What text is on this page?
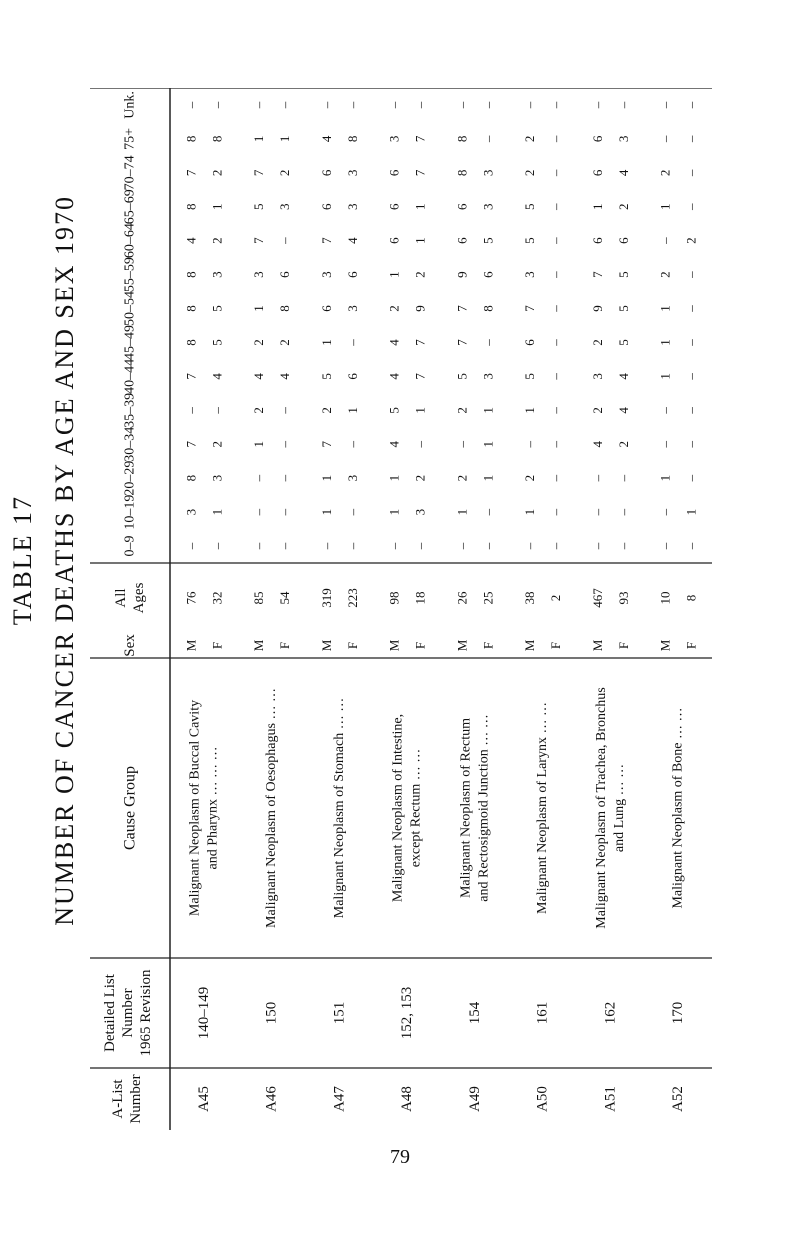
TABLE 17 NUMBER OF CANCER DEATHS BY AGE AND SEX 1970
A-List Number
Detailed List Number 1965 Revision
Cause Group
Sex
All Ages
0–9
10–19
20–29
30–34
35–39
40–44
45–49
50–54
55–59
60–64
65–69
70–74
75+
Unk.
A45
140–149
Malignant Neoplasm of Buccal Cavity and Pharynx … … …
M
76
–
3
8
7
–
7
8
8
8
4
8
7
8
–
F
32
–
1
3
2
–
4
5
5
3
2
1
2
8
–
A46
150
Malignant Neoplasm of Oesophagus … …
M
85
–
–
–
1
2
4
2
1
3
7
5
7
1
–
F
54
–
–
–
–
–
4
2
8
6
–
3
2
1
–
A47
151
Malignant Neoplasm of Stomach … …
M
319
–
1
1
7
2
5
1
6
3
7
6
6
4
–
F
223
–
–
3
–
1
6
–
3
6
4
3
3
8
–
A48
152, 153
Malignant Neoplasm of Intestine, except Rectum … …
M
98
–
1
1
4
5
4
4
2
1
6
6
6
3
–
F
18
–
3
2
–
1
7
7
9
2
1
1
7
7
–
A49
154
Malignant Neoplasm of Rectum and Rectosigmoid Junction … …
M
26
–
1
2
–
2
5
7
7
9
6
6
8
8
–
F
25
–
–
1
1
1
3
–
8
6
5
3
3
–
–
A50
161
Malignant Neoplasm of Larynx … …
M
38
–
1
2
–
1
5
6
7
3
5
5
2
2
–
F
2
–
–
–
–
–
–
–
–
–
–
–
–
–
–
A51
162
Malignant Neoplasm of Trachea, Bronchus and Lung … …
M
467
–
–
–
4
2
3
2
9
7
6
1
6
6
–
F
93
–
–
–
2
4
4
5
5
5
6
2
4
3
–
A52
170
Malignant Neoplasm of Bone … …
M
10
–
–
1
–
–
1
1
1
2
–
1
2
–
–
F
8
–
1
–
–
–
–
–
–
–
2
–
–
–
–
79
